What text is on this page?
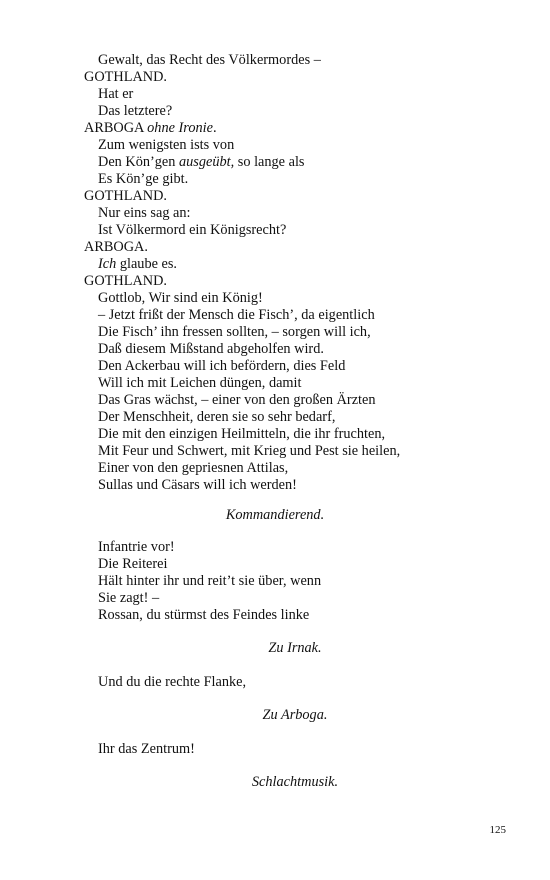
Gewalt, das Recht des Völkermordes –
GOTHLAND.
Hat er
Das letztere?
ARBOGA ohne Ironie.
Zum wenigsten ists von
Den Kön’gen ausgeübt, so lange als
Es Kön’ge gibt.
GOTHLAND.
Nur eins sag an:
Ist Völkermord ein Königsrecht?
ARBOGA.
Ich glaube es.
GOTHLAND.
Gottlob, Wir sind ein König!
– Jetzt frißt der Mensch die Fisch’, da eigentlich
Die Fisch’ ihn fressen sollten, – sorgen will ich,
Daß diesem Mißstand abgeholfen wird.
Den Ackerbau will ich befördern, dies Feld
Will ich mit Leichen düngen, damit
Das Gras wächst, – einer von den großen Ärzten
Der Menschheit, deren sie so sehr bedarf,
Die mit den einzigen Heilmitteln, die ihr fruchten,
Mit Feur und Schwert, mit Krieg und Pest sie heilen,
Einer von den gepriesnen Attilas,
Sullas und Cäsars will ich werden!
Kommandierend.
Infantrie vor!
Die Reiterei
Hält hinter ihr und reit’t sie über, wenn
Sie zagt! –
Rossan, du stürmst des Feindes linke
Zu Irnak.
Und du die rechte Flanke,
Zu Arboga.
Ihr das Zentrum!
Schlachtmusik.
125
